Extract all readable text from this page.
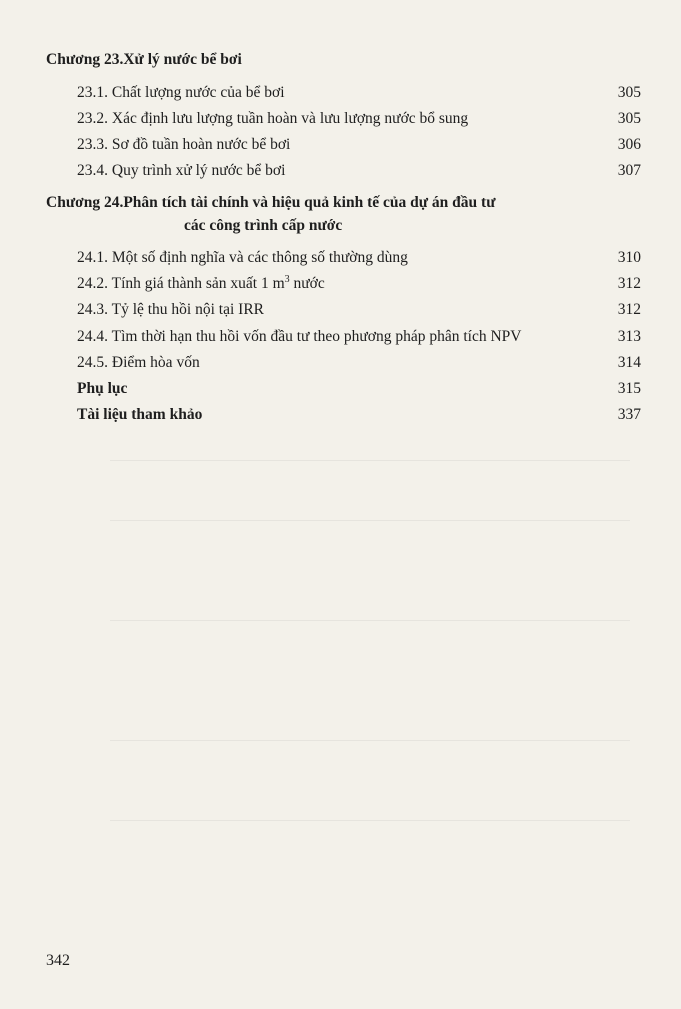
Chương 23.Xử lý nước bể bơi
23.1. Chất lượng nước của bể bơi	305
23.2. Xác định lưu lượng tuần hoàn và lưu lượng nước bổ sung	305
23.3. Sơ đồ tuần hoàn nước bể bơi	306
23.4. Quy trình xử lý nước bể bơi	307
Chương 24.Phân tích tài chính và hiệu quả kinh tế của dự án đầu tư
các công trình cấp nước
24.1. Một số định nghĩa và các thông số thường dùng	310
24.2. Tính giá thành sản xuất 1 $m^3$ nước	312
24.3. Tỷ lệ thu hồi nội tại IRR	312
24.4. Tìm thời hạn thu hồi vốn đầu tư theo phương pháp phân tích NPV	313
24.5. Điểm hòa vốn	314
Phụ lục	315
Tài liệu tham khảo	337
342
